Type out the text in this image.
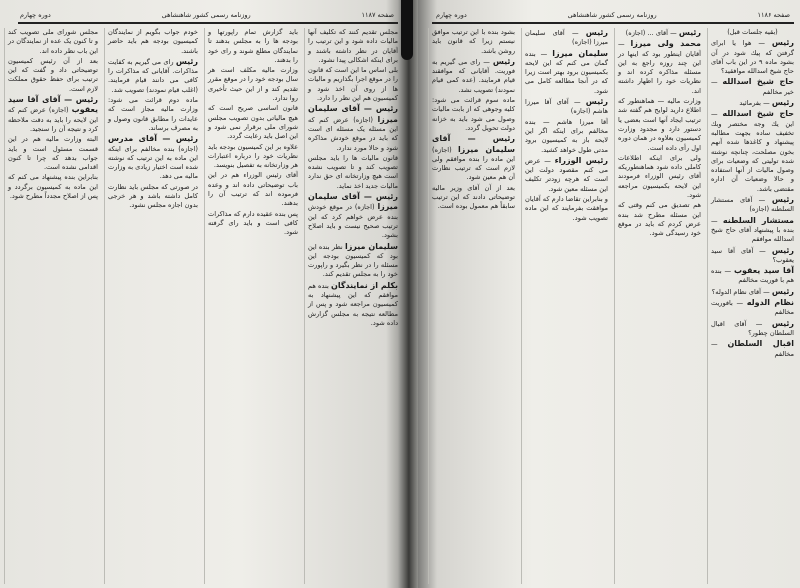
دوره چهارم	روزنامه رسمی کشور شاهنشاهی	صفحه ۱۱۸۷

مجلس تقدیم کنند که تکلیف آنها مالیات داده شود و این ترتیب را آقایان در نظر داشته باشند و برای اینکه اشکالی پیدا نشود.

بلی اساس ما این است که قانون را در موقع اجرا بگذاریم و مالیات ها از روی آن اخذ شود و کمیسیون هم این نظر را دارد.

رئیس — آقای سلیمان میرزا (اجازه) عرض کنم که این مسئله یک مسئله ای است که باید در موقع خودش مذاکره شود و حالا مورد ندارد.

قانون مالیات ها را باید مجلس تصویب کند و تا تصویب نشده است هیچ وزارتخانه ای حق ندارد مالیات جدید اخذ نماید.

رئیس — آقای سلیمان میرزا (اجازه) در موقع خودش بنده عرض خواهم کرد که این ترتیب صحیح نیست و باید اصلاح بشود.

سلیمان میرزا نظر بنده این بود که کمیسیون بودجه این مسئله را در نظر بگیرد و راپورت خود را به مجلس تقدیم کند.

بكلم از نمایندگان بنده هم موافقم که این پیشنهاد به کمیسیون مراجعه شود و پس از مطالعه نتیجه به مجلس گزارش داده شود.

باید گزارش تمام راپورتها و بودجه ها را به مجلس بدهند تا نمایندگان مطلع شوند و رای خود را بدهند.

وزارت مالیه مکلف است هر سال بودجه خود را در موقع مقرر تقدیم کند و از این حیث تأخیری روا ندارد.

قانون اساسی صریح است که هیچ مالیاتی بدون تصویب مجلس شورای ملی برقرار نمی شود و این اصل باید رعایت گردد.

علاوه بر این کمیسیون بودجه باید نظریات خود را درباره اعتبارات هر وزارتخانه به تفصیل بنویسد.

آقای رئیس الوزراء هم در این باب توضیحاتی داده اند و وعده فرموده اند که ترتیب آن را بدهند.

پس بنده عقیده دارم که مذاکرات کافی است و باید رای گرفته شود.

خودم جواب بگویم از نمایندگان کمیسیون بودجه هم باید حاضر باشند.

رئیس رای می گیریم به کفایت مذاکرات. آقایانی که مذاکرات را کافی می دانند قیام فرمایند. (اغلب قیام نمودند) تصویب شد.

ماده دوم قرائت می شود: وزارت مالیه مجاز است که عایدات را مطابق قانون وصول و به مصرف برساند.

رئیس — آقای مدرس (اجازه) بنده مخالفم برای اینکه این ماده به این ترتیب که نوشته شده است اختیار زیادی به وزارت مالیه می دهد.

در صورتی که مجلس باید نظارت کامل داشته باشد و هر خرجی بدون اجازه مجلس نشود.

مجلس شورای ملی تصویب کند و تا کنون یک عده از نمایندگان در این باب نظر داده اند.

بعد از آن رئیس کمیسیون توضیحاتی داد و گفت که این ترتیب برای حفظ حقوق مملکت لازم است.

رئیس — آقای آقا سید یعقوب (اجازه) عرض کنم که این لایحه را باید به دقت ملاحظه کرد و نتیجه آن را سنجید.

البته وزارت مالیه هم در این قسمت مسئول است و باید جواب بدهد که چرا تا کنون اقدامی نشده است.

بنابراین بنده پیشنهاد می کنم که این ماده به کمیسیون برگردد و پس از اصلاح مجدداً مطرح شود.

دوره چهارم	روزنامه رسمی کشور شاهنشاهی	صفحه ۱۱۸۶

(بقیه جلسات قبل)

رئیس — هوا یا ابرای گرفتن که پیك شود در آن بشود ماده ۹ در این باب آقای حاج شیخ اسدالله موافقید؟

حاج شیخ اسدالله — خیر مخالفم

رئیس — بفرمائید

حاج شیخ اسدالله — این یك وجه مختصر وبك تخفیف ساده بجهت مطالبه پیشنهاد و کاغذها شده آنهم بخون مصلحت، چنانچه نوشته شده تولیتی که وضعیات برای وصول مالیات از آنها استفاده و حالا وضعیات آن اداره مقتضی باشد.

رئیس — آقای مستشار السلطنه (اجازه)

مستشار السلطنه — بنده با پیشنهاد آقای حاج شیخ اسدالله موافقم

رئیس — آقای آقا سید یعقوب؟

آقا سید یعقوب — بنده هم با فوریت مخالفم

رئیس — آقای نظام الدوله؟

نظام الدوله — بافوریت مخالفم

رئیس — آقای اقبال السلطان چطور؟

اقبال السلطان — مخالفم

رئیس — آقای ... (اجازه)

محمد ولی میرزا — آقایان اینطور بود که اینها در این چند روزه راجع به این مسئله مذاکره کرده اند و نظریات خود را اظهار داشته اند.

وزارت مالیه — هماهنطور که اطلاع دارید لوایح هم گفته شد ترتیب ایجاد آنها است بعضی یا دستور دارد و مجدود وزارت کمیسیون بعلاوه در همان دوره اول رأی داده است.

ولی برای اینکه اطلاعات کاملی داده شود هماهنطوریکه آقای رئیس الوزراء فرمودند این لایحه بکمیسیون مراجعه شود.

هم تصدیق می کنم وقتی که این مسئله مطرح شد بنده عرض کردم که باید در موقع خود رسیدگی شود.

رئیس — آقای سلیمان میرزا (اجازه)

سلیمان میرزا — بنده گمان می کنم که این لایحه بکمیسیون برود بهتر است زیرا که در آنجا مطالعه کامل می شود.

رئیس — آقای آقا میرزا هاشم (اجازه)

آقا میرزا هاشم — بنده مخالفم برای اینکه اگر این لایحه باز به کمیسیون برود مدتی طول خواهد کشید.

رئیس الوزراء — عرض می کنم مقصود دولت این است که هرچه زودتر تکلیف این مسئله معین شود.

و بنابراین تقاضا دارم که آقایان موافقت بفرمایند که این ماده تصویب شود.

بشود بنده با این ترتیب موافق نیستم زیرا که قانون باید روشن باشد.

رئیس — رای می گیریم به فوریت. آقایانی که موافقند قیام فرمایند. (عده کمی قیام نمودند) تصویب نشد.

ماده سوم قرائت می شود: کلیه وجوهی که از بابت مالیات وصول می شود باید به خزانه دولت تحویل گردد.

رئیس — آقای سلیمان میرزا (اجازه) این ماده را بنده موافقم ولی لازم است که ترتیب نظارت آن هم معین شود.

بعد از آن آقای وزیر مالیه توضیحاتی دادند که این ترتیب سابقاً هم معمول بوده است.
